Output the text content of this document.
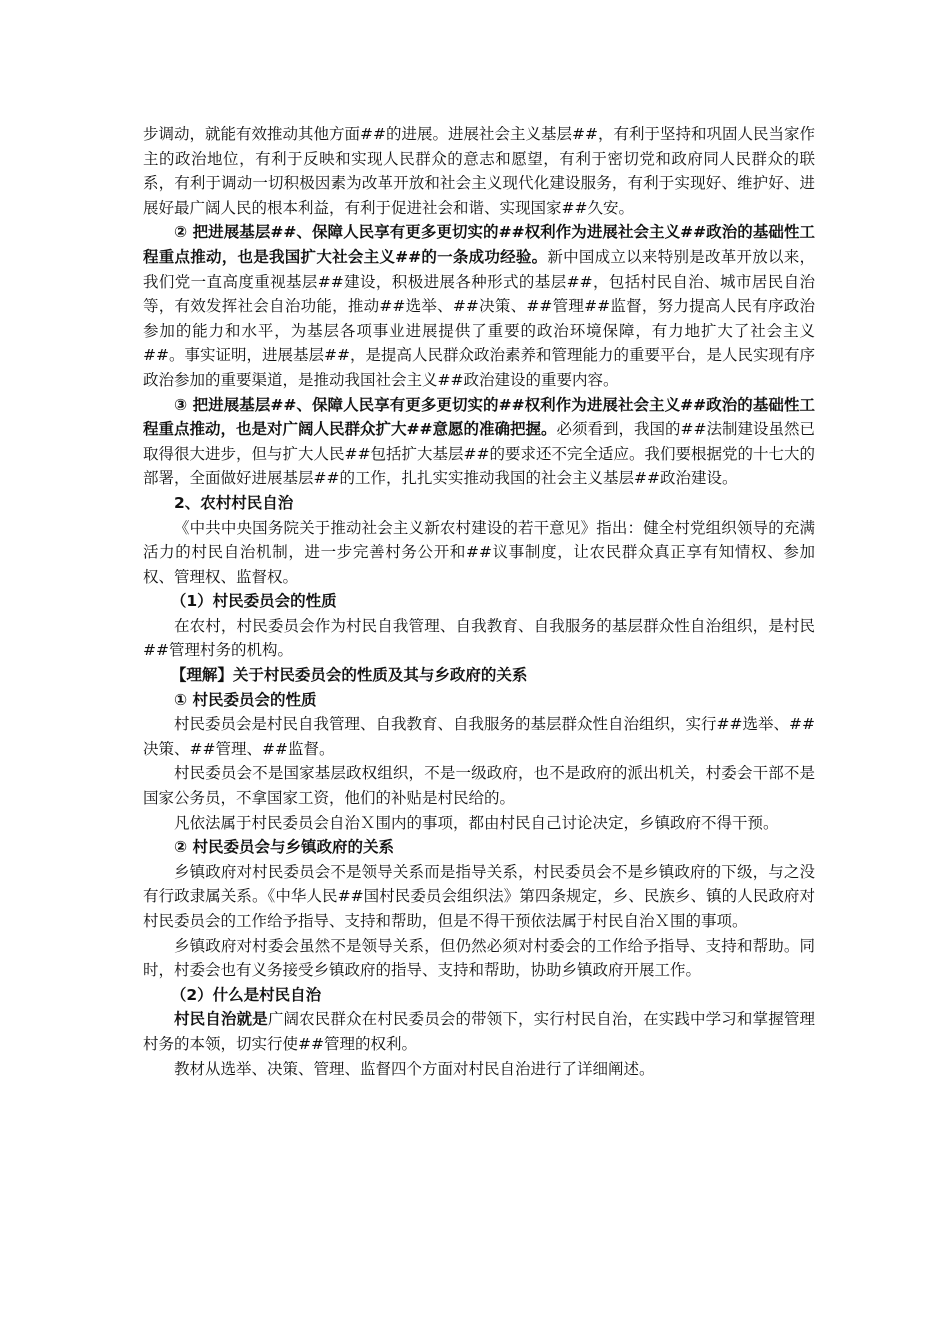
步调动，就能有效推动其他方面##的进展。进展社会主义基层##，有利于坚持和巩固人民当家作主的政治地位，有利于反映和实现人民群众的意志和愿望，有利于密切党和政府同人民群众的联系，有利于调动一切积极因素为改革开放和社会主义现代化建设服务，有利于实现好、维护好、进展好最广阔人民的根本利益，有利于促进社会和谐、实现国家##久安。

② 把进展基层##、保障人民享有更多更切实的##权利作为进展社会主义##政治的基础性工程重点推动，也是我国扩大社会主义##的一条成功经验。新中国成立以来特别是改革开放以来，我们党一直高度重视基层##建设，积极进展各种形式的基层##，包括村民自治、城市居民自治等，有效发挥社会自治功能，推动##选举、##决策、##管理##监督，努力提高人民有序政治参加的能力和水平，为基层各项事业进展提供了重要的政治环境保障，有力地扩大了社会主义##。事实证明，进展基层##，是提高人民群众政治素养和管理能力的重要平台，是人民实现有序政治参加的重要渠道，是推动我国社会主义##政治建设的重要内容。

③ 把进展基层##、保障人民享有更多更切实的##权利作为进展社会主义##政治的基础性工程重点推动，也是对广阔人民群众扩大##意愿的准确把握。必须看到，我国的##法制建设虽然已取得很大进步，但与扩大人民##包括扩大基层##的要求还不完全适应。我们要根据党的十七大的部署，全面做好进展基层##的工作，扎扎实实推动我国的社会主义基层##政治建设。

2、农村村民自治

《中共中央国务院关于推动社会主义新农村建设的若干意见》指出：健全村党组织领导的充满活力的村民自治机制，进一步完善村务公开和##议事制度，让农民群众真正享有知情权、参加权、管理权、监督权。

（1）村民委员会的性质

在农村，村民委员会作为村民自我管理、自我教育、自我服务的基层群众性自治组织，是村民##管理村务的机构。

【理解】关于村民委员会的性质及其与乡政府的关系

① 村民委员会的性质

村民委员会是村民自我管理、自我教育、自我服务的基层群众性自治组织，实行##选举、##决策、##管理、##监督。

村民委员会不是国家基层政权组织，不是一级政府，也不是政府的派出机关，村委会干部不是国家公务员，不拿国家工资，他们的补贴是村民给的。

凡依法属于村民委员会自治Ｘ围内的事项，都由村民自己讨论决定，乡镇政府不得干预。

② 村民委员会与乡镇政府的关系

乡镇政府对村民委员会不是领导关系而是指导关系，村民委员会不是乡镇政府的下级，与之没有行政隶属关系。《中华人民##国村民委员会组织法》第四条规定，乡、民族乡、镇的人民政府对村民委员会的工作给予指导、支持和帮助，但是不得干预依法属于村民自治Ｘ围的事项。

乡镇政府对村委会虽然不是领导关系，但仍然必须对村委会的工作给予指导、支持和帮助。同时，村委会也有义务接受乡镇政府的指导、支持和帮助，协助乡镇政府开展工作。

（2）什么是村民自治

村民自治就是广阔农民群众在村民委员会的带领下，实行村民自治，在实践中学习和掌握管理村务的本领，切实行使##管理的权利。

教材从选举、决策、管理、监督四个方面对村民自治进行了详细阐述。
